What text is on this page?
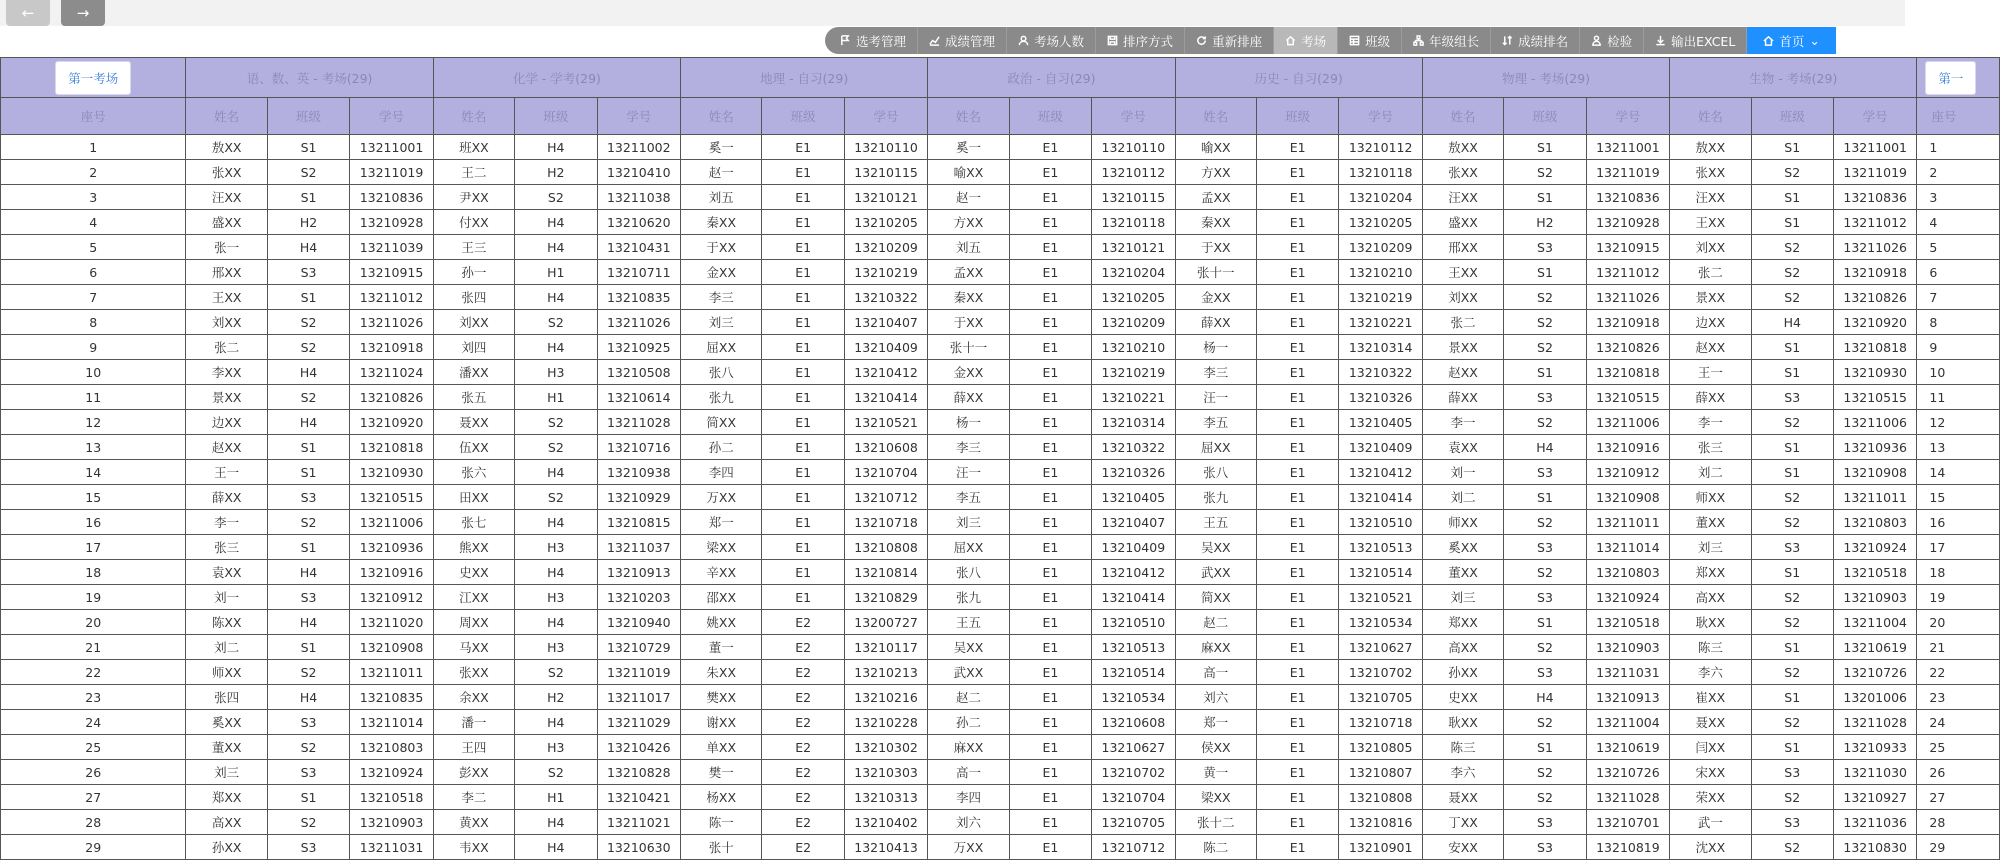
←	→
选考管理	成绩管理	考场人数	排序方式	重新排座	考场	班级	年级组长	成绩排名	检验	输出EXCEL	首页 ⌄
第一考场	语、数、英 - 考场(29)			化学 - 学考(29)			地理 - 自习(29)			政治 - 自习(29)			历史 - 自习(29)			物理 - 考场(29)			生物 - 考场(29)			第一
座号	姓名	班级	学号	姓名	班级	学号	姓名	班级	学号	姓名	班级	学号	姓名	班级	学号	姓名	班级	学号	姓名	班级	学号	座号
1	敖XX	S1	13211001	班XX	H4	13211002	奚一	E1	13210110	奚一	E1	13210110	喻XX	E1	13210112	敖XX	S1	13211001	敖XX	S1	13211001	1
2	张XX	S2	13211019	王二	H2	13210410	赵一	E1	13210115	喻XX	E1	13210112	方XX	E1	13210118	张XX	S2	13211019	张XX	S2	13211019	2
3	汪XX	S1	13210836	尹XX	S2	13211038	刘五	E1	13210121	赵一	E1	13210115	孟XX	E1	13210204	汪XX	S1	13210836	汪XX	S1	13210836	3
4	盛XX	H2	13210928	付XX	H4	13210620	秦XX	E1	13210205	方XX	E1	13210118	秦XX	E1	13210205	盛XX	H2	13210928	王XX	S1	13211012	4
5	张一	H4	13211039	王三	H4	13210431	于XX	E1	13210209	刘五	E1	13210121	于XX	E1	13210209	邢XX	S3	13210915	刘XX	S2	13211026	5
6	邢XX	S3	13210915	孙一	H1	13210711	金XX	E1	13210219	孟XX	E1	13210204	张十一	E1	13210210	王XX	S1	13211012	张二	S2	13210918	6
7	王XX	S1	13211012	张四	H4	13210835	李三	E1	13210322	秦XX	E1	13210205	金XX	E1	13210219	刘XX	S2	13211026	景XX	S2	13210826	7
8	刘XX	S2	13211026	刘XX	S2	13211026	刘三	E1	13210407	于XX	E1	13210209	薛XX	E1	13210221	张二	S2	13210918	边XX	H4	13210920	8
9	张二	S2	13210918	刘四	H4	13210925	屈XX	E1	13210409	张十一	E1	13210210	杨一	E1	13210314	景XX	S2	13210826	赵XX	S1	13210818	9
10	李XX	H4	13211024	潘XX	H3	13210508	张八	E1	13210412	金XX	E1	13210219	李三	E1	13210322	赵XX	S1	13210818	王一	S1	13210930	10
11	景XX	S2	13210826	张五	H1	13210614	张九	E1	13210414	薛XX	E1	13210221	汪一	E1	13210326	薛XX	S3	13210515	薛XX	S3	13210515	11
12	边XX	H4	13210920	聂XX	S2	13211028	简XX	E1	13210521	杨一	E1	13210314	李五	E1	13210405	李一	S2	13211006	李一	S2	13211006	12
13	赵XX	S1	13210818	伍XX	S2	13210716	孙二	E1	13210608	李三	E1	13210322	屈XX	E1	13210409	袁XX	H4	13210916	张三	S1	13210936	13
14	王一	S1	13210930	张六	H4	13210938	李四	E1	13210704	汪一	E1	13210326	张八	E1	13210412	刘一	S3	13210912	刘二	S1	13210908	14
15	薛XX	S3	13210515	田XX	S2	13210929	万XX	E1	13210712	李五	E1	13210405	张九	E1	13210414	刘二	S1	13210908	师XX	S2	13211011	15
16	李一	S2	13211006	张七	H4	13210815	郑一	E1	13210718	刘三	E1	13210407	王五	E1	13210510	师XX	S2	13211011	董XX	S2	13210803	16
17	张三	S1	13210936	熊XX	H3	13211037	梁XX	E1	13210808	屈XX	E1	13210409	吴XX	E1	13210513	奚XX	S3	13211014	刘三	S3	13210924	17
18	袁XX	H4	13210916	史XX	H4	13210913	辛XX	E1	13210814	张八	E1	13210412	武XX	E1	13210514	董XX	S2	13210803	郑XX	S1	13210518	18
19	刘一	S3	13210912	江XX	H3	13210203	邵XX	E1	13210829	张九	E1	13210414	简XX	E1	13210521	刘三	S3	13210924	高XX	S2	13210903	19
20	陈XX	H4	13211020	周XX	H4	13210940	姚XX	E2	13200727	王五	E1	13210510	赵二	E1	13210534	郑XX	S1	13210518	耿XX	S2	13211004	20
21	刘二	S1	13210908	马XX	H3	13210729	董一	E2	13210117	吴XX	E1	13210513	麻XX	E1	13210627	高XX	S2	13210903	陈三	S1	13210619	21
22	师XX	S2	13211011	张XX	S2	13211019	朱XX	E2	13210213	武XX	E1	13210514	高一	E1	13210702	孙XX	S3	13211031	李六	S2	13210726	22
23	张四	H4	13210835	余XX	H2	13211017	樊XX	E2	13210216	赵二	E1	13210534	刘六	E1	13210705	史XX	H4	13210913	崔XX	S1	13201006	23
24	奚XX	S3	13211014	潘一	H4	13211029	谢XX	E2	13210228	孙二	E1	13210608	郑一	E1	13210718	耿XX	S2	13211004	聂XX	S2	13211028	24
25	董XX	S2	13210803	王四	H3	13210426	单XX	E2	13210302	麻XX	E1	13210627	侯XX	E1	13210805	陈三	S1	13210619	闫XX	S1	13210933	25
26	刘三	S3	13210924	彭XX	S2	13210828	樊一	E2	13210303	高一	E1	13210702	黄一	E1	13210807	李六	S2	13210726	宋XX	S3	13211030	26
27	郑XX	S1	13210518	李二	H1	13210421	杨XX	E2	13210313	李四	E1	13210704	梁XX	E1	13210808	聂XX	S2	13211028	荣XX	S2	13210927	27
28	高XX	S2	13210903	黄XX	H4	13211021	陈一	E2	13210402	刘六	E1	13210705	张十二	E1	13210816	丁XX	S3	13210701	武一	S3	13211036	28
29	孙XX	S3	13211031	韦XX	H4	13210630	张十	E2	13210413	万XX	E1	13210712	陈二	E1	13210901	安XX	S3	13210819	沈XX	S2	13210830	29
